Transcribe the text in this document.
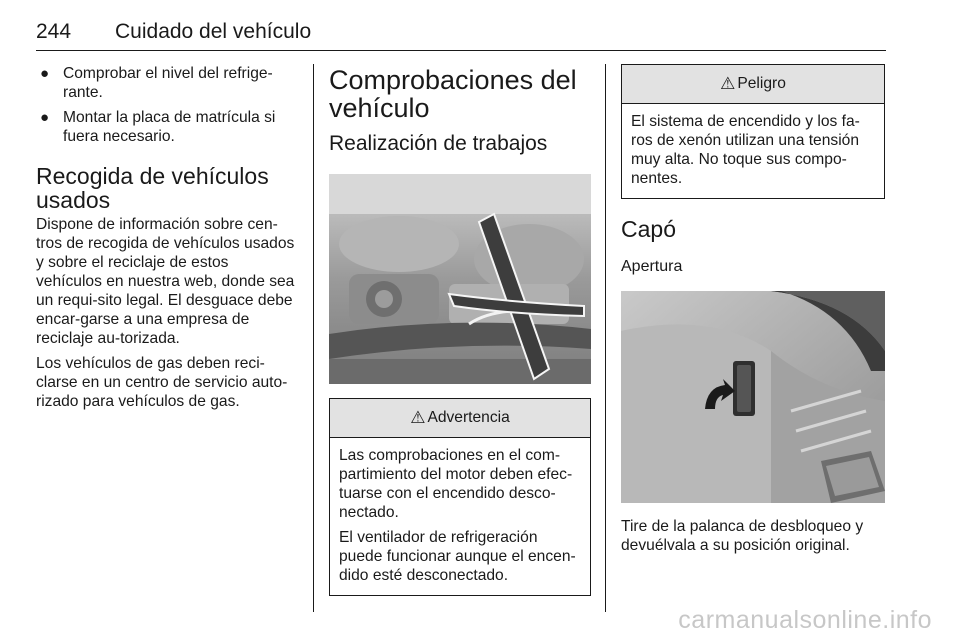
244 Cuidado del vehículo
● Comprobar el nivel del refrige-rante.
● Montar la placa de matrícula si fuera necesario.
Recogida de vehículos usados

Dispone de información sobre cen-tros de recogida de vehículos usados y sobre el reciclaje de estos vehículos en nuestra web, donde sea un requi-sito legal. El desguace debe encar-garse a una empresa de reciclaje au-torizada.

Los vehículos de gas deben reci-clarse en un centro de servicio auto-rizado para vehículos de gas.

Comprobaciones del vehículo
Realización de trabajos
⚠ Advertencia

Las comprobaciones en el com-partimiento del motor deben efec-tuarse con el encendido desco-nectado.

El ventilador de refrigeración puede funcionar aunque el encen-dido esté desconectado.

⚠ Peligro

El sistema de encendido y los fa-ros de xenón utilizan una tensión muy alta. No toque sus compo-nentes.

Capó
Apertura

Tire de la palanca de desbloqueo y devuélvala a su posición original.

carmanualsonline.info
